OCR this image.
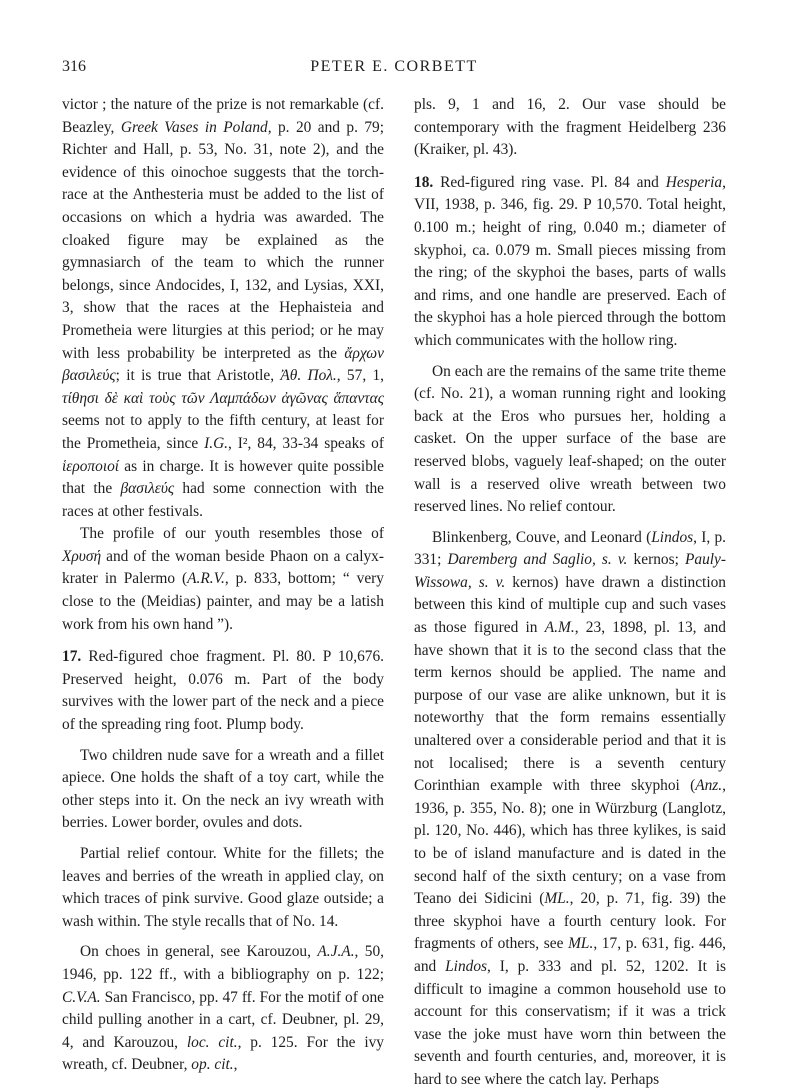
316	PETER E. CORBETT

victor ; the nature of the prize is not remarkable (cf. Beazley, Greek Vases in Poland, p. 20 and p. 79; Richter and Hall, p. 53, No. 31, note 2), and the evidence of this oinochoe suggests that the torch-race at the Anthesteria must be added to the list of occasions on which a hydria was awarded. The cloaked figure may be explained as the gymnasiarch of the team to which the runner belongs, since Andocides, I, 132, and Lysias, XXI, 3, show that the races at the Hephaisteia and Prometheia were liturgies at this period; or he may with less probability be interpreted as the ἄρχων βασιλεύς; it is true that Aristotle, Ἀθ. Πολ., 57, 1, τίθησι δὲ καὶ τοὺς τῶν Λαμπάδων ἀγῶνας ἅπαντας seems not to apply to the fifth century, at least for the Prometheia, since I.G., I², 84, 33-34 speaks of ἱεροποιοί as in charge. It is however quite possible that the βασιλεύς had some connection with the races at other festivals.

The profile of our youth resembles those of Χρυσή and of the woman beside Phaon on a calyx-krater in Palermo (A.R.V., p. 833, bottom; “ very close to the (Meidias) painter, and may be a latish work from his own hand ”).

17. Red-figured choe fragment. Pl. 80. P 10,676. Preserved height, 0.076 m. Part of the body survives with the lower part of the neck and a piece of the spreading ring foot. Plump body.

Two children nude save for a wreath and a fillet apiece. One holds the shaft of a toy cart, while the other steps into it. On the neck an ivy wreath with berries. Lower border, ovules and dots.

Partial relief contour. White for the fillets; the leaves and berries of the wreath in applied clay, on which traces of pink survive. Good glaze outside; a wash within. The style recalls that of No. 14.

On choes in general, see Karouzou, A.J.A., 50, 1946, pp. 122 ff., with a bibliography on p. 122; C.V.A. San Francisco, pp. 47 ff. For the motif of one child pulling another in a cart, cf. Deubner, pl. 29, 4, and Karouzou, loc. cit., p. 125. For the ivy wreath, cf. Deubner, op. cit.,

pls. 9, 1 and 16, 2. Our vase should be contemporary with the fragment Heidelberg 236 (Kraiker, pl. 43).

18. Red-figured ring vase. Pl. 84 and Hesperia, VII, 1938, p. 346, fig. 29. P 10,570. Total height, 0.100 m.; height of ring, 0.040 m.; diameter of skyphoi, ca. 0.079 m. Small pieces missing from the ring; of the skyphoi the bases, parts of walls and rims, and one handle are preserved. Each of the skyphoi has a hole pierced through the bottom which communicates with the hollow ring.

On each are the remains of the same trite theme (cf. No. 21), a woman running right and looking back at the Eros who pursues her, holding a casket. On the upper surface of the base are reserved blobs, vaguely leaf-shaped; on the outer wall is a reserved olive wreath between two reserved lines. No relief contour.

Blinkenberg, Couve, and Leonard (Lindos, I, p. 331; Daremberg and Saglio, s. v. kernos; Pauly-Wissowa, s. v. kernos) have drawn a distinction between this kind of multiple cup and such vases as those figured in A.M., 23, 1898, pl. 13, and have shown that it is to the second class that the term kernos should be applied. The name and purpose of our vase are alike unknown, but it is noteworthy that the form remains essentially unaltered over a considerable period and that it is not localised; there is a seventh century Corinthian example with three skyphoi (Anz., 1936, p. 355, No. 8); one in Würzburg (Langlotz, pl. 120, No. 446), which has three kylikes, is said to be of island manufacture and is dated in the second half of the sixth century; on a vase from Teano dei Sidicini (ML., 20, p. 71, fig. 39) the three skyphoi have a fourth century look. For fragments of others, see ML., 17, p. 631, fig. 446, and Lindos, I, p. 333 and pl. 52, 1202. It is difficult to imagine a common household use to account for this conservatism; if it was a trick vase the joke must have worn thin between the seventh and fourth centuries, and, moreover, it is hard to see where the catch lay. Perhaps
